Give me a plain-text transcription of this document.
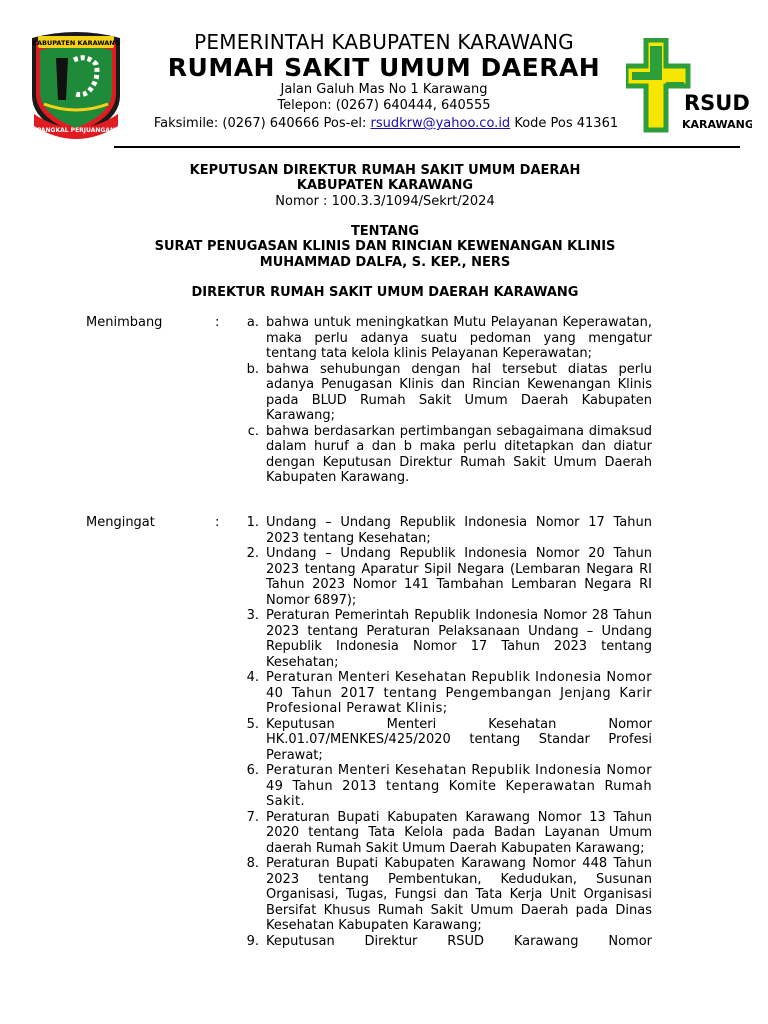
KABUPATEN KARAWANG
PANGKAL PERJUANGAN
PEMERINTAH KABUPATEN KARAWANG
RUMAH SAKIT UMUM DAERAH
Jalan Galuh Mas No 1 Karawang
Telepon: (0267) 640444, 640555
Faksimile: (0267) 640666 Pos-el: rsudkrw@yahoo.co.id Kode Pos 41361
RSUD
KARAWANG
KEPUTUSAN DIREKTUR RUMAH SAKIT UMUM DAERAH
KABUPATEN KARAWANG
Nomor : 100.3.3/1094/Sekrt/2024
TENTANG
SURAT PENUGASAN KLINIS DAN RINCIAN KEWENANGAN KLINIS
MUHAMMAD DALFA, S. KEP., NERS
DIREKTUR RUMAH SAKIT UMUM DAERAH KARAWANG
Menimbang	:	a. bahwa untuk meningkatkan Mutu Pelayanan Keperawatan, maka perlu adanya suatu pedoman yang mengatur tentang tata kelola klinis Pelayanan Keperawatan;
b. bahwa sehubungan dengan hal tersebut diatas perlu adanya Penugasan Klinis dan Rincian Kewenangan Klinis pada BLUD Rumah Sakit Umum Daerah Kabupaten Karawang;
c. bahwa berdasarkan pertimbangan sebagaimana dimaksud dalam huruf a dan b maka perlu ditetapkan dan diatur dengan Keputusan Direktur Rumah Sakit Umum Daerah Kabupaten Karawang.
Mengingat	:	1. Undang – Undang Republik Indonesia Nomor 17 Tahun 2023 tentang Kesehatan;
2. Undang – Undang Republik Indonesia Nomor 20 Tahun 2023 tentang Aparatur Sipil Negara (Lembaran Negara RI Tahun 2023 Nomor 141 Tambahan Lembaran Negara RI Nomor 6897);
3. Peraturan Pemerintah Republik Indonesia Nomor 28 Tahun 2023 tentang Peraturan Pelaksanaan Undang – Undang Republik Indonesia Nomor 17 Tahun 2023 tentang Kesehatan;
4. Peraturan Menteri Kesehatan Republik Indonesia Nomor 40 Tahun 2017 tentang Pengembangan Jenjang Karir Profesional Perawat Klinis;
5. Keputusan Menteri Kesehatan Nomor HK.01.07/MENKES/425/2020 tentang Standar Profesi Perawat;
6. Peraturan Menteri Kesehatan Republik Indonesia Nomor 49 Tahun 2013 tentang Komite Keperawatan Rumah Sakit.
7. Peraturan Bupati Kabupaten Karawang Nomor 13 Tahun 2020 tentang Tata Kelola pada Badan Layanan Umum daerah Rumah Sakit Umum Daerah Kabupaten Karawang;
8. Peraturan Bupati Kabupaten Karawang Nomor 448 Tahun 2023 tentang Pembentukan, Kedudukan, Susunan Organisasi, Tugas, Fungsi dan Tata Kerja Unit Organisasi Bersifat Khusus Rumah Sakit Umum Daerah pada Dinas Kesehatan Kabupaten Karawang;
9. Keputusan Direktur RSUD Karawang Nomor
